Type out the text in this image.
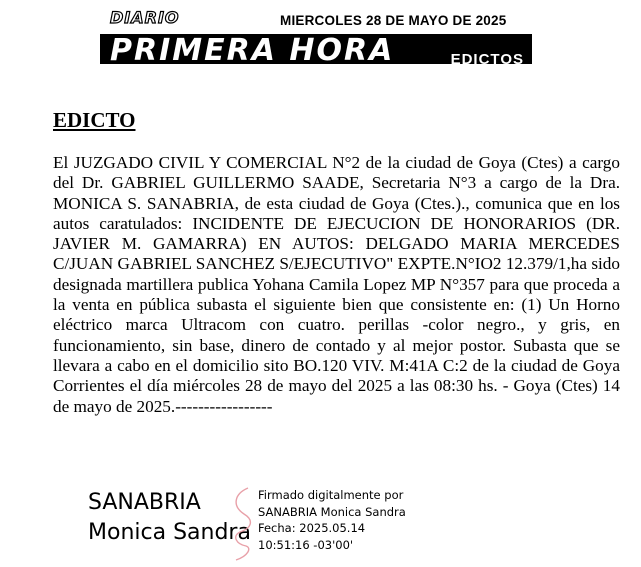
DIARIO	MIERCOLES 28 DE MAYO DE 2025
PRIMERA HORA	EDICTOS
EDICTO

El JUZGADO CIVIL Y COMERCIAL N°2 de la ciudad de Goya (Ctes) a cargo del Dr. GABRIEL GUILLERMO SAADE, Secretaria N°3 a cargo de la Dra. MONICA S. SANABRIA, de esta ciudad de Goya (Ctes.)., comunica que en los autos caratulados: INCIDENTE DE EJECUCION DE HONORARIOS (DR. JAVIER M. GAMARRA) EN AUTOS: DELGADO MARIA MERCEDES C/JUAN GABRIEL SANCHEZ S/EJECUTIVO" EXPTE.N°IO2 12.379/1,ha sido designada martillera publica Yohana Camila Lopez MP N°357 para que proceda a la venta en pública subasta el siguiente bien que consistente en: (1) Un Horno eléctrico marca Ultracom con cuatro. perillas -color negro., y gris, en funcionamiento, sin base, dinero de contado y al mejor postor. Subasta que se llevara a cabo en el domicilio sito BO.120 VIV. M:41A C:2 de la ciudad de Goya Corrientes el día miércoles 28 de mayo del 2025 a las 08:30 hs. - Goya (Ctes) 14 de mayo de 2025.-----------------

SANABRIA
Monica Sandra
Firmado digitalmente por
SANABRIA Monica Sandra
Fecha: 2025.05.14
10:51:16 -03'00'
